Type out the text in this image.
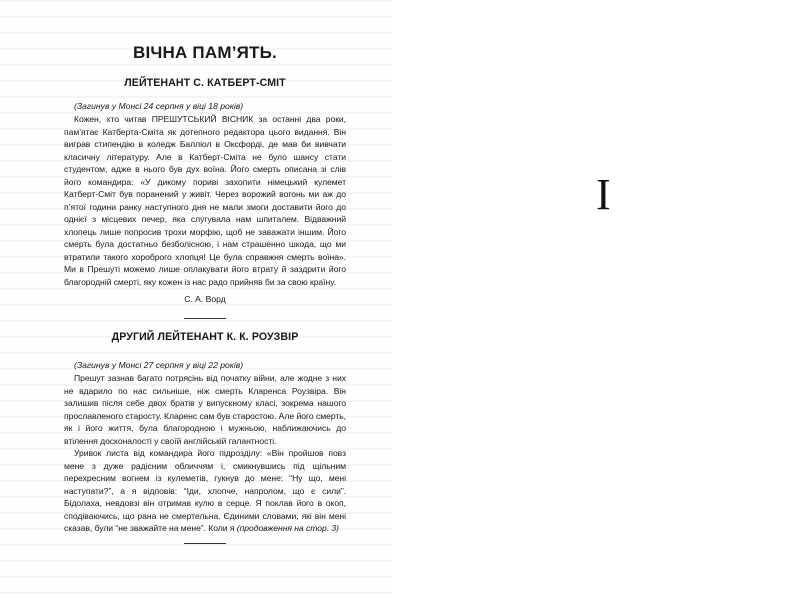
ВІЧНА ПАМ’ЯТЬ.
ЛЕЙТЕНАНТ С. КАТБЕРТ-СМІТ

(Загинув у Монсі 24 серпня у віці 18 років)

Кожен, хто читав ПРЕШУТСЬКИЙ ВІСНИК за останні два роки, пам’ятає Катберта-Сміта як дотепного редактора цього видання. Він виграв стипендію в коледж Балліол в Оксфорді, де мав би вивчати класичну літературу. Але в Катберт-Сміта не було шансу стати студентом, адже в нього був дух воїна. Його смерть описана зі слів його командира: «У дикому пориві захопити німецький кулемет Катберт-Сміт був поранений у живіт. Через ворожий вогонь ми аж до п’ятої години ранку наступного дня не мали змоги доставити його до однієї з місцевих печер, яка слугувала нам шпиталем. Відважний хлопець лише попросив трохи морфію, щоб не заважати іншим. Його смерть була достатньо безболісною, і нам страшенно шкода, що ми втратили такого хороброго хлопця! Це була справжня смерть воїна». Ми в Прешуті можемо лише оплакувати його втрату й заздрити його благородній смерті, яку кожен із нас радо прийняв би за свою країну.

С. А. Ворд

ДРУГИЙ ЛЕЙТЕНАНТ К. К. РОУЗВІР

(Загинув у Монсі 27 серпня у віці 22 років)

Прешут зазнав багато потрясінь від початку війни, але жодне з них не вдарило по нас сильніше, ніж смерть Кларенса Роузвіра. Він залишив після себе двох братів у випускному класі, зокрема нашого прославленого старосту. Кларенс сам був старостою. Але його смерть, як і його життя, була благородною і мужньою, наближаючись до втілення досконалості у своїй англійській галантності.

Уривок листа від командира його підрозділу: «Він пройшов повз мене з дуже радісним обличчям і, смикнувшись під щільним перехресним вогнем із кулеметів, гукнув до мене: “Ну що, мені наступати?”, а я відповів: “Іди, хлопче, напролом, що є сили”. Бідолаха, невдовзі він отримав кулю в серце. Я поклав його в окоп, сподіваючись, що рана не смертельна. Єдиними словами, які він мені сказав, були “не зважайте на мене”. Коли я (продовження на стор. 3)

I
